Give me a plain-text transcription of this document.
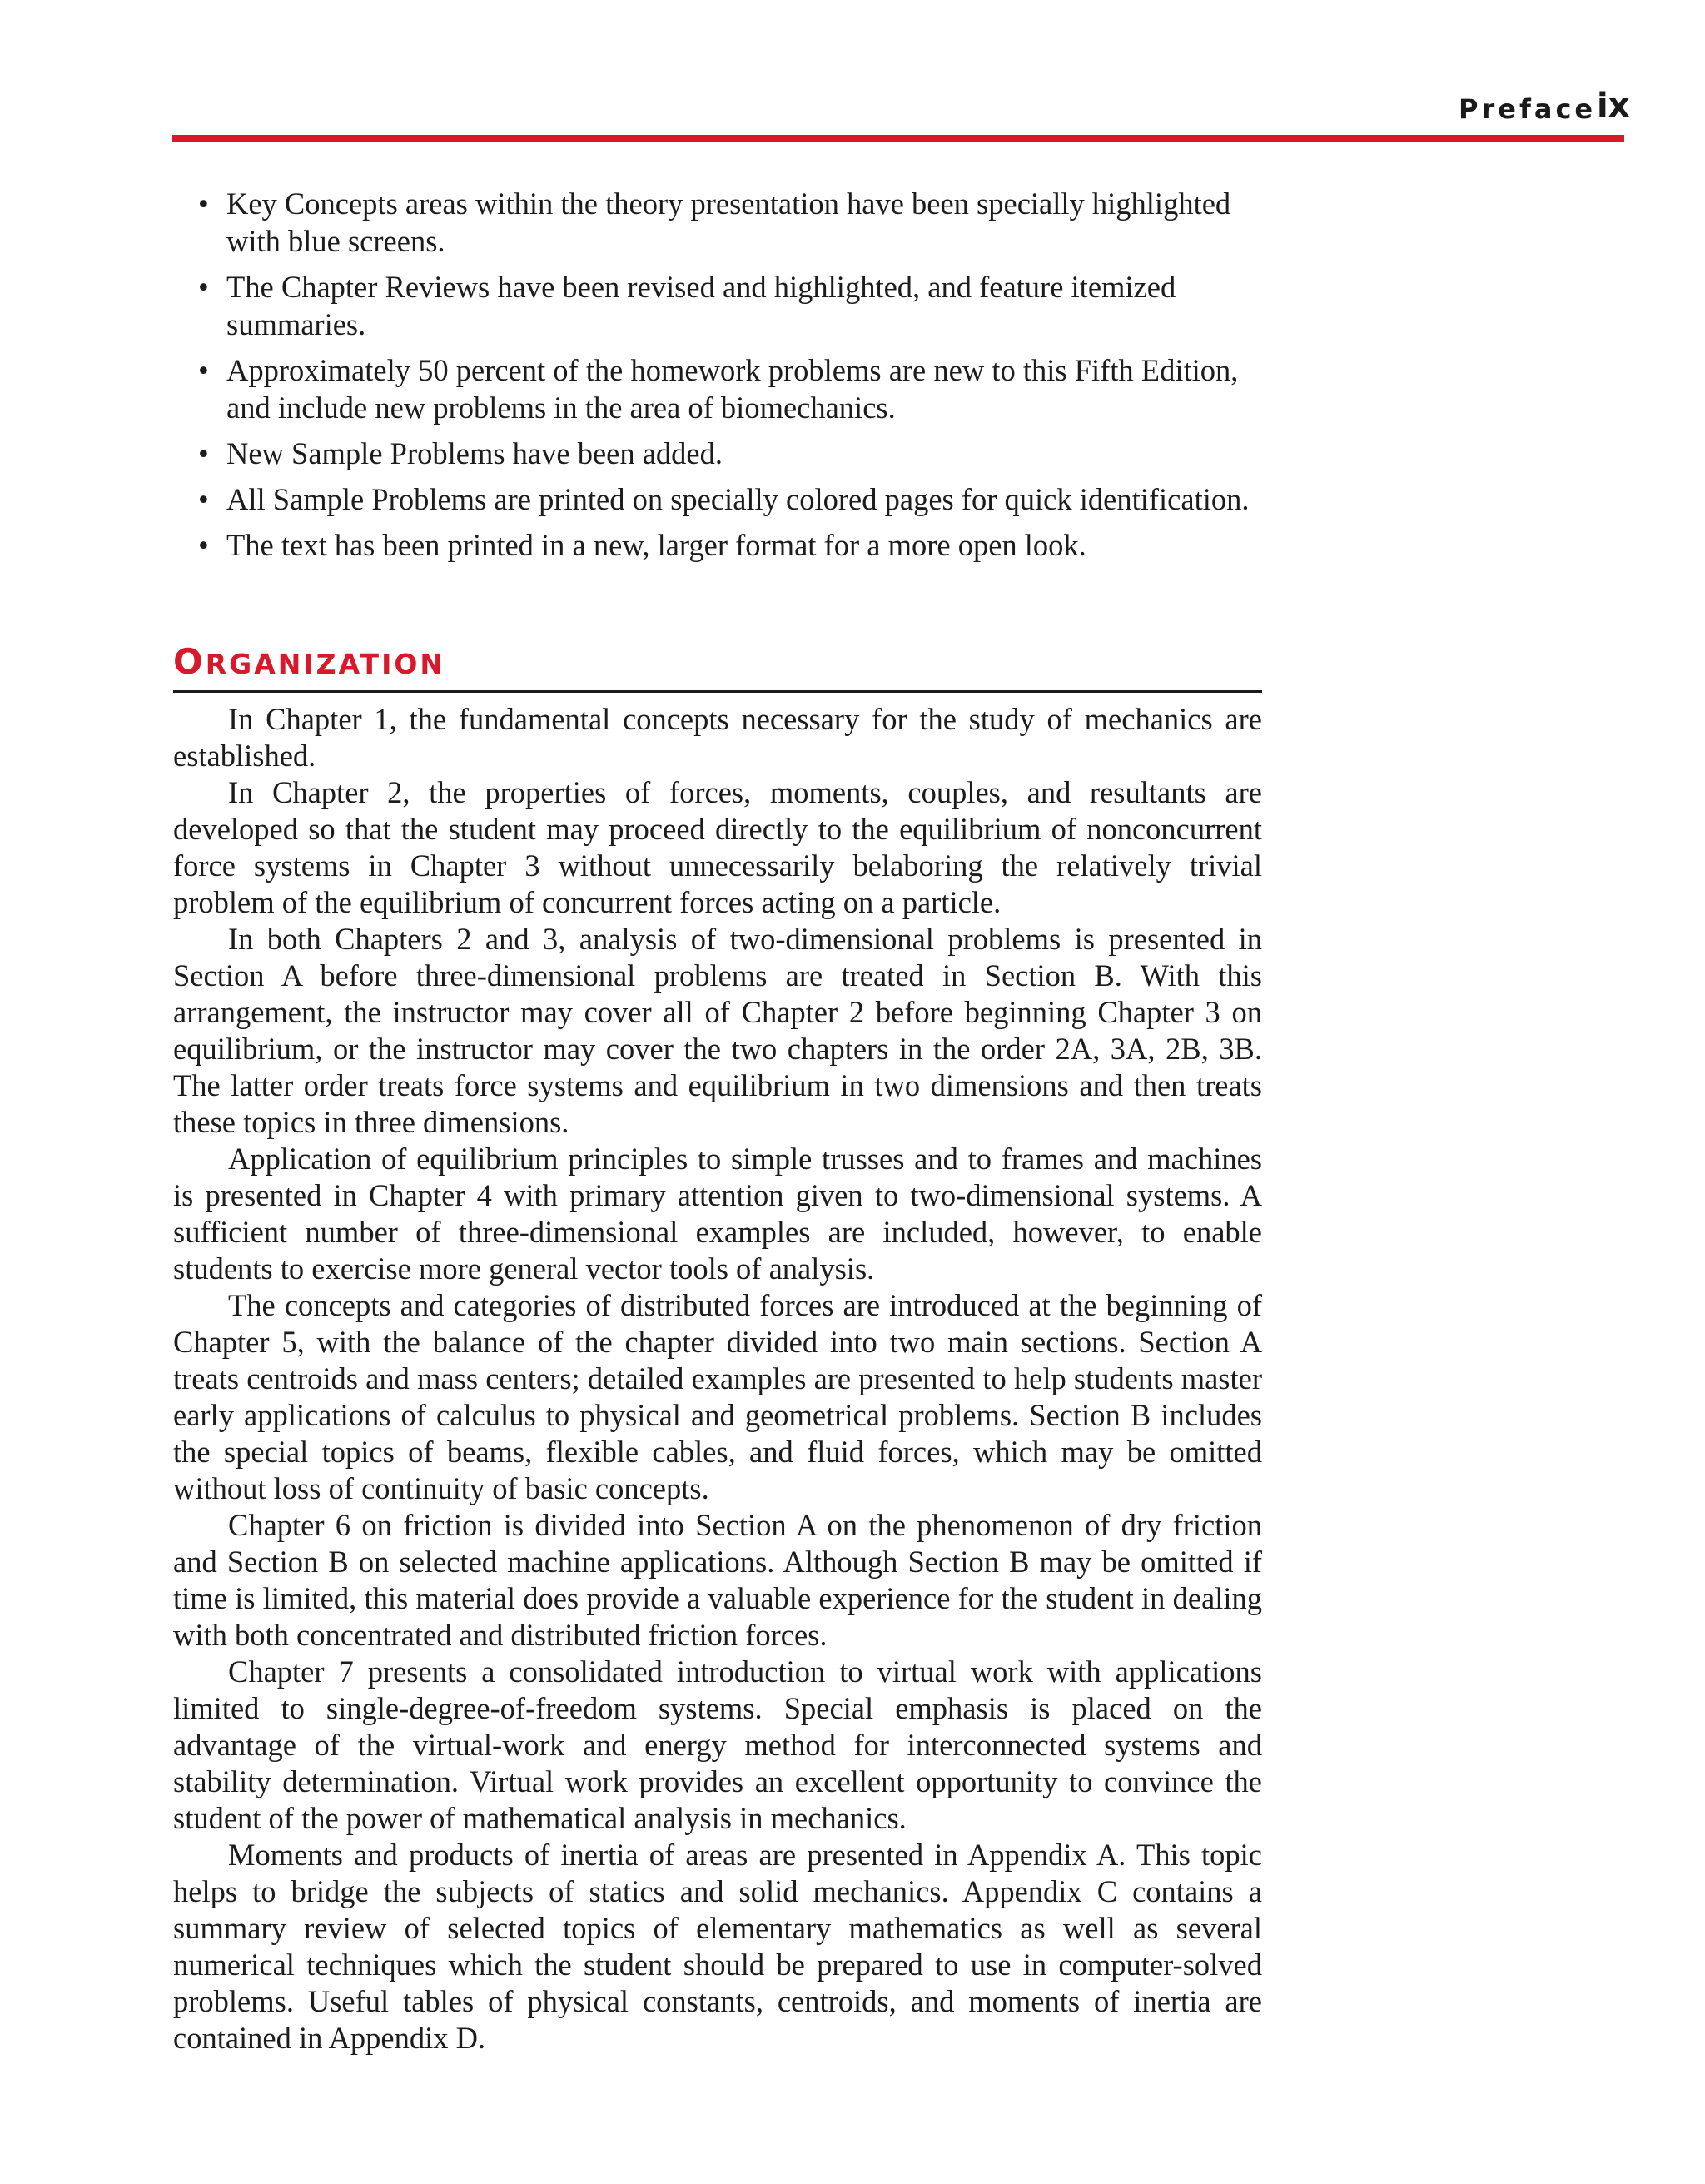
Preface ix
• Key Concepts areas within the theory presentation have been specially highlighted with blue screens.
• The Chapter Reviews have been revised and highlighted, and feature itemized summaries.
• Approximately 50 percent of the homework problems are new to this Fifth Edition, and include new problems in the area of biomechanics.
• New Sample Problems have been added.
• All Sample Problems are printed on specially colored pages for quick identification.
• The text has been printed in a new, larger format for a more open look.
ORGANIZATION

In Chapter 1, the fundamental concepts necessary for the study of mechanics are established.

In Chapter 2, the properties of forces, moments, couples, and resultants are developed so that the student may proceed directly to the equilibrium of nonconcurrent force systems in Chapter 3 without unnecessarily belaboring the relatively trivial problem of the equilibrium of concurrent forces acting on a particle.

In both Chapters 2 and 3, analysis of two-dimensional problems is presented in Section A before three-dimensional problems are treated in Section B. With this arrangement, the instructor may cover all of Chapter 2 before beginning Chapter 3 on equilibrium, or the instructor may cover the two chapters in the order 2A, 3A, 2B, 3B. The latter order treats force systems and equilibrium in two dimensions and then treats these topics in three dimensions.

Application of equilibrium principles to simple trusses and to frames and machines is presented in Chapter 4 with primary attention given to two-dimensional systems. A sufficient number of three-dimensional examples are included, however, to enable students to exercise more general vector tools of analysis.

The concepts and categories of distributed forces are introduced at the beginning of Chapter 5, with the balance of the chapter divided into two main sections. Section A treats centroids and mass centers; detailed examples are presented to help students master early applications of calculus to physical and geometrical problems. Section B includes the special topics of beams, flexible cables, and fluid forces, which may be omitted without loss of continuity of basic concepts.

Chapter 6 on friction is divided into Section A on the phenomenon of dry friction and Section B on selected machine applications. Although Section B may be omitted if time is limited, this material does provide a valuable experience for the student in dealing with both concentrated and distributed friction forces.

Chapter 7 presents a consolidated introduction to virtual work with applications limited to single-degree-of-freedom systems. Special emphasis is placed on the advantage of the virtual-work and energy method for interconnected systems and stability determination. Virtual work provides an excellent opportunity to convince the student of the power of mathematical analysis in mechanics.

Moments and products of inertia of areas are presented in Appendix A. This topic helps to bridge the subjects of statics and solid mechanics. Appendix C contains a summary review of selected topics of elementary mathematics as well as several numerical techniques which the student should be prepared to use in computer-solved problems. Useful tables of physical constants, centroids, and moments of inertia are contained in Appendix D.
